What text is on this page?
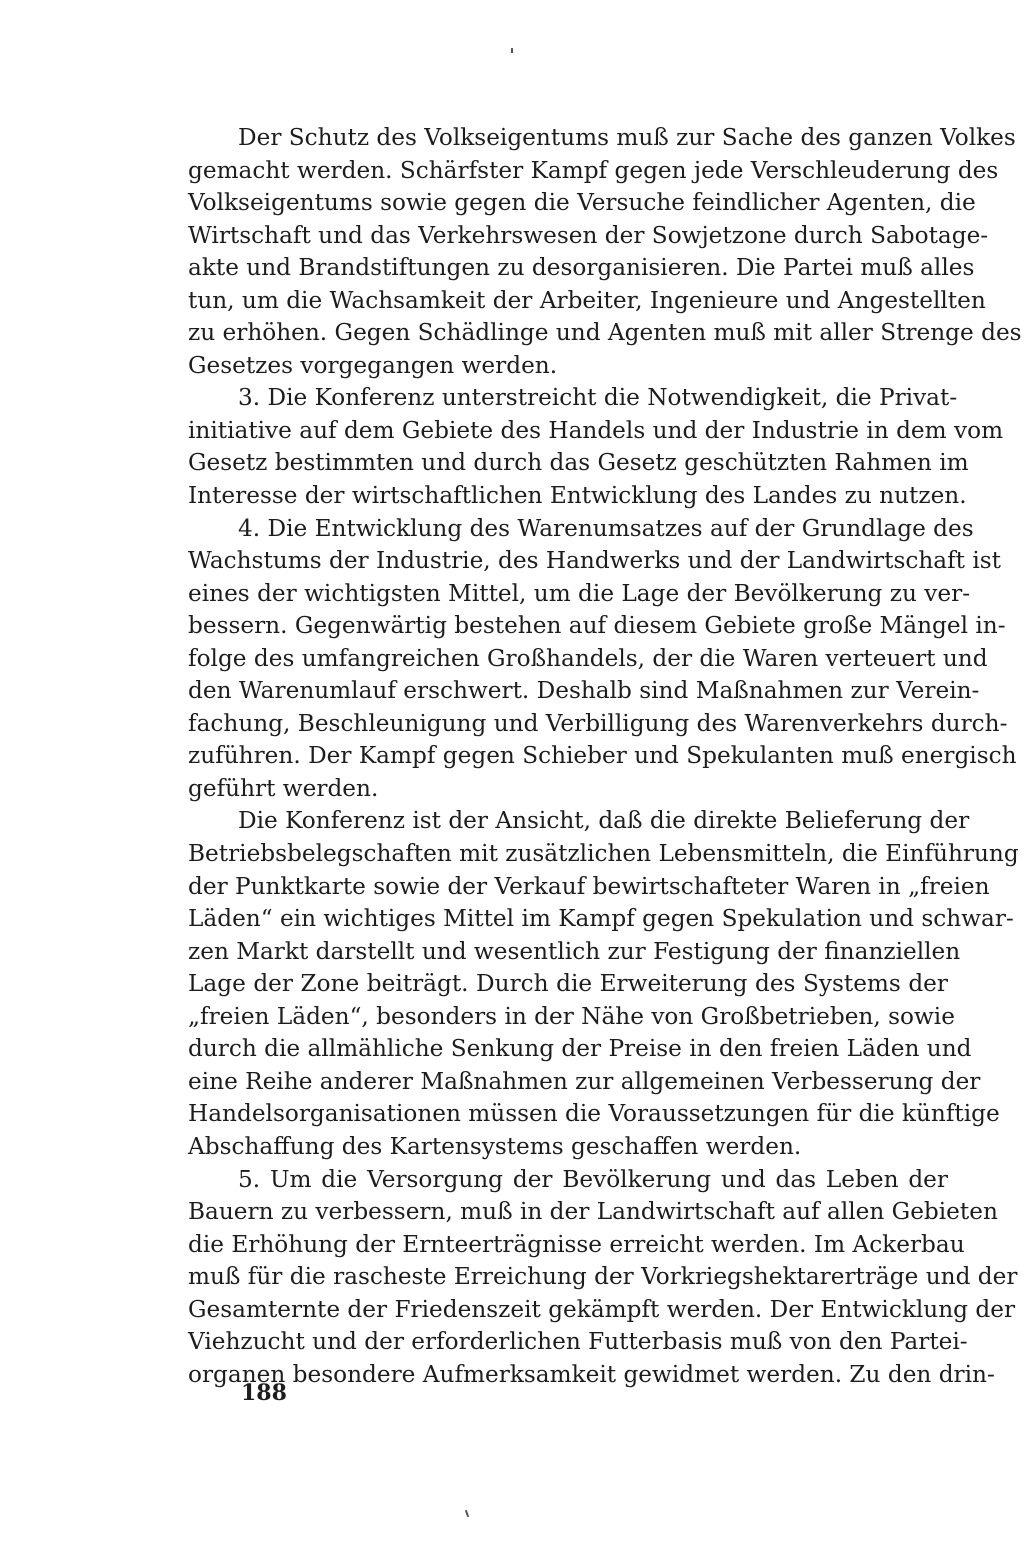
Der Schutz des Volkseigentums muß zur Sache des ganzen Volkes
gemacht werden. Schärfster Kampf gegen jede Verschleuderung des
Volkseigentums sowie gegen die Versuche feindlicher Agenten, die
Wirtschaft und das Verkehrswesen der Sowjetzone durch Sabotage-
akte und Brandstiftungen zu desorganisieren. Die Partei muß alles
tun, um die Wachsamkeit der Arbeiter, Ingenieure und Angestellten
zu erhöhen. Gegen Schädlinge und Agenten muß mit aller Strenge des
Gesetzes vorgegangen werden.
3. Die Konferenz unterstreicht die Notwendigkeit, die Privat-
initiative auf dem Gebiete des Handels und der Industrie in dem vom
Gesetz bestimmten und durch das Gesetz geschützten Rahmen im
Interesse der wirtschaftlichen Entwicklung des Landes zu nutzen.
4. Die Entwicklung des Warenumsatzes auf der Grundlage des
Wachstums der Industrie, des Handwerks und der Landwirtschaft ist
eines der wichtigsten Mittel, um die Lage der Bevölkerung zu ver-
bessern. Gegenwärtig bestehen auf diesem Gebiete große Mängel in-
folge des umfangreichen Großhandels, der die Waren verteuert und
den Warenumlauf erschwert. Deshalb sind Maßnahmen zur Verein-
fachung, Beschleunigung und Verbilligung des Warenverkehrs durch-
zuführen. Der Kampf gegen Schieber und Spekulanten muß energisch
geführt werden.
Die Konferenz ist der Ansicht, daß die direkte Belieferung der
Betriebsbelegschaften mit zusätzlichen Lebensmitteln, die Einführung
der Punktkarte sowie der Verkauf bewirtschafteter Waren in „freien
Läden“ ein wichtiges Mittel im Kampf gegen Spekulation und schwar-
zen Markt darstellt und wesentlich zur Festigung der finanziellen
Lage der Zone beiträgt. Durch die Erweiterung des Systems der
„freien Läden“, besonders in der Nähe von Großbetrieben, sowie
durch die allmähliche Senkung der Preise in den freien Läden und
eine Reihe anderer Maßnahmen zur allgemeinen Verbesserung der
Handelsorganisationen müssen die Voraussetzungen für die künftige
Abschaffung des Kartensystems geschaffen werden.
5. Um die Versorgung der Bevölkerung und das Leben der
Bauern zu verbessern, muß in der Landwirtschaft auf allen Gebieten
die Erhöhung der Ernteerträgnisse erreicht werden. Im Ackerbau
muß für die rascheste Erreichung der Vorkriegshektarerträge und der
Gesamternte der Friedenszeit gekämpft werden. Der Entwicklung der
Viehzucht und der erforderlichen Futterbasis muß von den Partei-
organen besondere Aufmerksamkeit gewidmet werden. Zu den drin-
188
